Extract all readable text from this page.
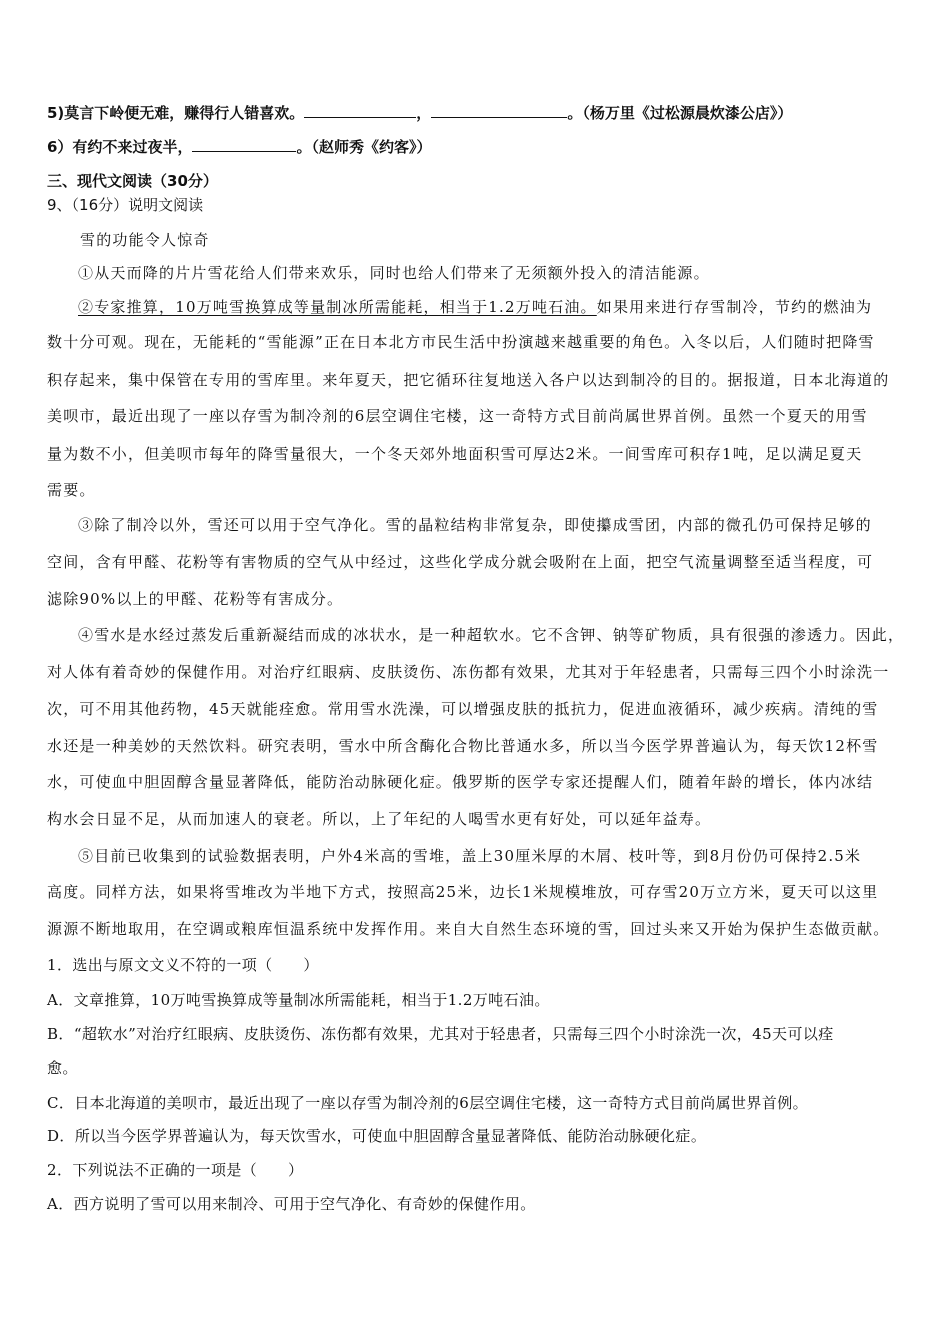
5)莫言下岭便无难，赚得行人错喜欢。	，	。（杨万里《过松源晨炊漆公店》）
6）有约不来过夜半，	。（赵师秀《约客》）
三、现代文阅读（30分）
9、（16分）说明文阅读
雪的功能令人惊奇
①从天而降的片片雪花给人们带来欢乐，同时也给人们带来了无须额外投入的清洁能源。
②专家推算，10万吨雪换算成等量制冰所需能耗，相当于1.2万吨石油。如果用来进行存雪制冷，节约的燃油为
数十分可观。现在，无能耗的“雪能源”正在日本北方市民生活中扮演越来越重要的角色。入冬以后，人们随时把降雪
积存起来，集中保管在专用的雪库里。来年夏天，把它循环往复地送入各户以达到制冷的目的。据报道，日本北海道的
美呗市，最近出现了一座以存雪为制冷剂的6层空调住宅楼，这一奇特方式目前尚属世界首例。虽然一个夏天的用雪
量为数不小，但美呗市每年的降雪量很大，一个冬天郊外地面积雪可厚达2米。一间雪库可积存1吨，足以满足夏天
需要。
③除了制冷以外，雪还可以用于空气净化。雪的晶粒结构非常复杂，即使攥成雪团，内部的微孔仍可保持足够的
空间，含有甲醛、花粉等有害物质的空气从中经过，这些化学成分就会吸附在上面，把空气流量调整至适当程度，可
滤除90%以上的甲醛、花粉等有害成分。
④雪水是水经过蒸发后重新凝结而成的冰状水，是一种超软水。它不含钾、钠等矿物质，具有很强的渗透力。因此，
对人体有着奇妙的保健作用。对治疗红眼病、皮肤烫伤、冻伤都有效果，尤其对于年轻患者，只需每三四个小时涂洗一
次，可不用其他药物，45天就能痊愈。常用雪水洗澡，可以增强皮肤的抵抗力，促进血液循环，减少疾病。清纯的雪
水还是一种美妙的天然饮料。研究表明，雪水中所含酶化合物比普通水多，所以当今医学界普遍认为，每天饮12杯雪
水，可使血中胆固醇含量显著降低，能防治动脉硬化症。俄罗斯的医学专家还提醒人们，随着年龄的增长，体内冰结
构水会日显不足，从而加速人的衰老。所以，上了年纪的人喝雪水更有好处，可以延年益寿。
⑤目前已收集到的试验数据表明，户外4米高的雪堆，盖上30厘米厚的木屑、枝叶等，到8月份仍可保持2.5米
高度。同样方法，如果将雪堆改为半地下方式，按照高25米，边长1米规模堆放，可存雪20万立方米，夏天可以这里
源源不断地取用，在空调或粮库恒温系统中发挥作用。来自大自然生态环境的雪，回过头来又开始为保护生态做贡献。
1．选出与原文文义不符的一项（　　）
A．文章推算，10万吨雪换算成等量制冰所需能耗，相当于1.2万吨石油。
B．“超软水”对治疗红眼病、皮肤烫伤、冻伤都有效果，尤其对于轻患者，只需每三四个小时涂洗一次，45天可以痊
愈。
C．日本北海道的美呗市，最近出现了一座以存雪为制冷剂的6层空调住宅楼，这一奇特方式目前尚属世界首例。
D．所以当今医学界普遍认为，每天饮雪水，可使血中胆固醇含量显著降低、能防治动脉硬化症。
2．下列说法不正确的一项是（　　）
A．西方说明了雪可以用来制冷、可用于空气净化、有奇妙的保健作用。
